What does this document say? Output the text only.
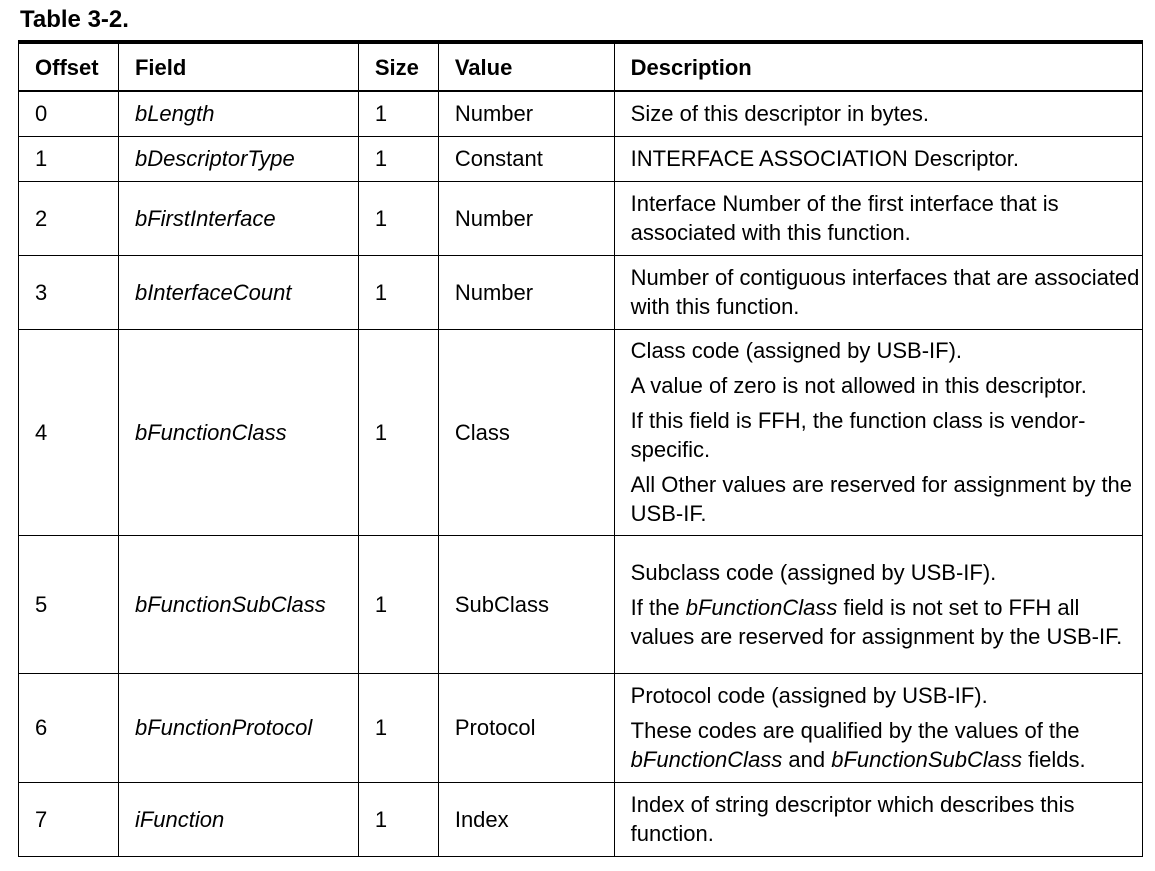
Table 3-2.
Offset	Field	Size	Value	Description
0	bLength	1	Number	Size of this descriptor in bytes.

1	bDescriptorType	1	Constant	INTERFACE ASSOCIATION Descriptor.

2	bFirstInterface	1	Number	Interface Number of the first interface that is associated with this function.

3	bInterfaceCount	1	Number	Number of contiguous interfaces that are associated with this function.

4	bFunctionClass	1	Class	Class code (assigned by USB-IF).

A value of zero is not allowed in this descriptor.

If this field is FFH, the function class is vendor-specific.

All Other values are reserved for assignment by the USB-IF.

5	bFunctionSubClass	1	SubClass	Subclass code (assigned by USB-IF).

If the bFunctionClass field is not set to FFH all values are reserved for assignment by the USB-IF.

6	bFunctionProtocol	1	Protocol	Protocol code (assigned by USB-IF).

These codes are qualified by the values of the bFunctionClass and bFunctionSubClass fields.

7	iFunction	1	Index	Index of string descriptor which describes this function.
